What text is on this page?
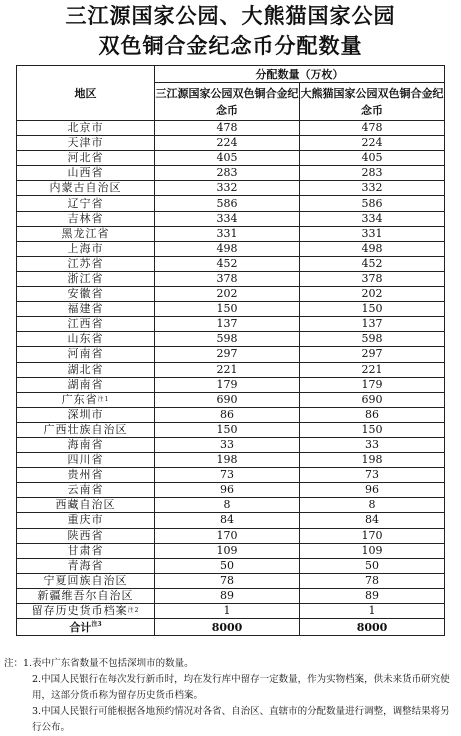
三江源国家公园、大熊猫国家公园
双色铜合金纪念币分配数量
地区	分配数量（万枚）	
	三江源国家公园双色铜合金纪念币	大熊猫国家公园双色铜合金纪念币
北京市	478	478
天津市	224	224
河北省	405	405
山西省	283	283
内蒙古自治区	332	332
辽宁省	586	586
吉林省	334	334
黑龙江省	331	331
上海市	498	498
江苏省	452	452
浙江省	378	378
安徽省	202	202
福建省	150	150
江西省	137	137
山东省	598	598
河南省	297	297
湖北省	221	221
湖南省	179	179
广东省$^{注1}$	690	690
深圳市	86	86
广西壮族自治区	150	150
海南省	33	33
四川省	198	198
贵州省	73	73
云南省	96	96
西藏自治区	8	8
重庆市	84	84
陕西省	170	170
甘肃省	109	109
青海省	50	50
宁夏回族自治区	78	78
新疆维吾尔自治区	89	89
留存历史货币档案$^{注2}$	1	1
合计$^{注3}$	8000	8000
注：1.表中广东省数量不包括深圳市的数量。
2.中国人民银行在每次发行新币时，均在发行库中留存一定数量，作为实物档案，供未来货币研究使用，这部分货币称为留存历史货币档案。
3.中国人民银行可能根据各地预约情况对各省、自治区、直辖市的分配数量进行调整，调整结果将另行公布。
